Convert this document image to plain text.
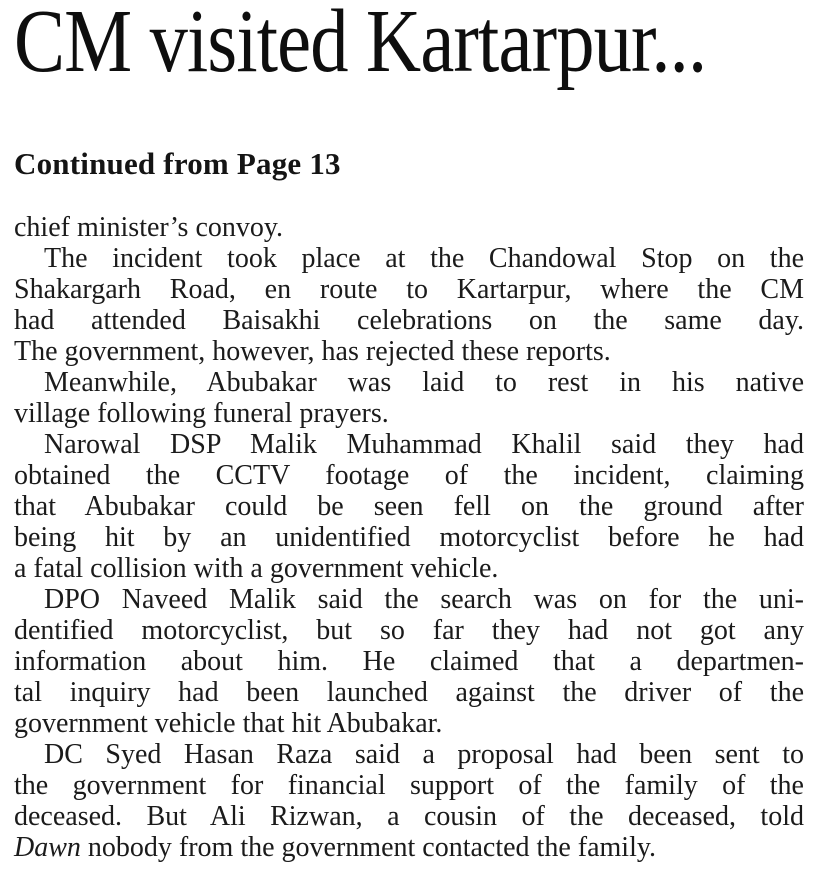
CM visited Kartarpur...
Continued from Page 13
chief minister’s convoy.
The incident took place at the Chandowal Stop on the
Shakargarh Road, en route to Kartarpur, where the CM
had attended Baisakhi celebrations on the same day.
The government, however, has rejected these reports.
Meanwhile, Abubakar was laid to rest in his native
village following funeral prayers.
Narowal DSP Malik Muhammad Khalil said they had
obtained the CCTV footage of the incident, claiming
that Abubakar could be seen fell on the ground after
being hit by an unidentified motorcyclist before he had
a fatal collision with a government vehicle.
DPO Naveed Malik said the search was on for the uni-
dentified motorcyclist, but so far they had not got any
information about him. He claimed that a departmen-
tal inquiry had been launched against the driver of the
government vehicle that hit Abubakar.
DC Syed Hasan Raza said a proposal had been sent to
the government for financial support of the family of the
deceased. But Ali Rizwan, a cousin of the deceased, told
Dawn nobody from the government contacted the family.
